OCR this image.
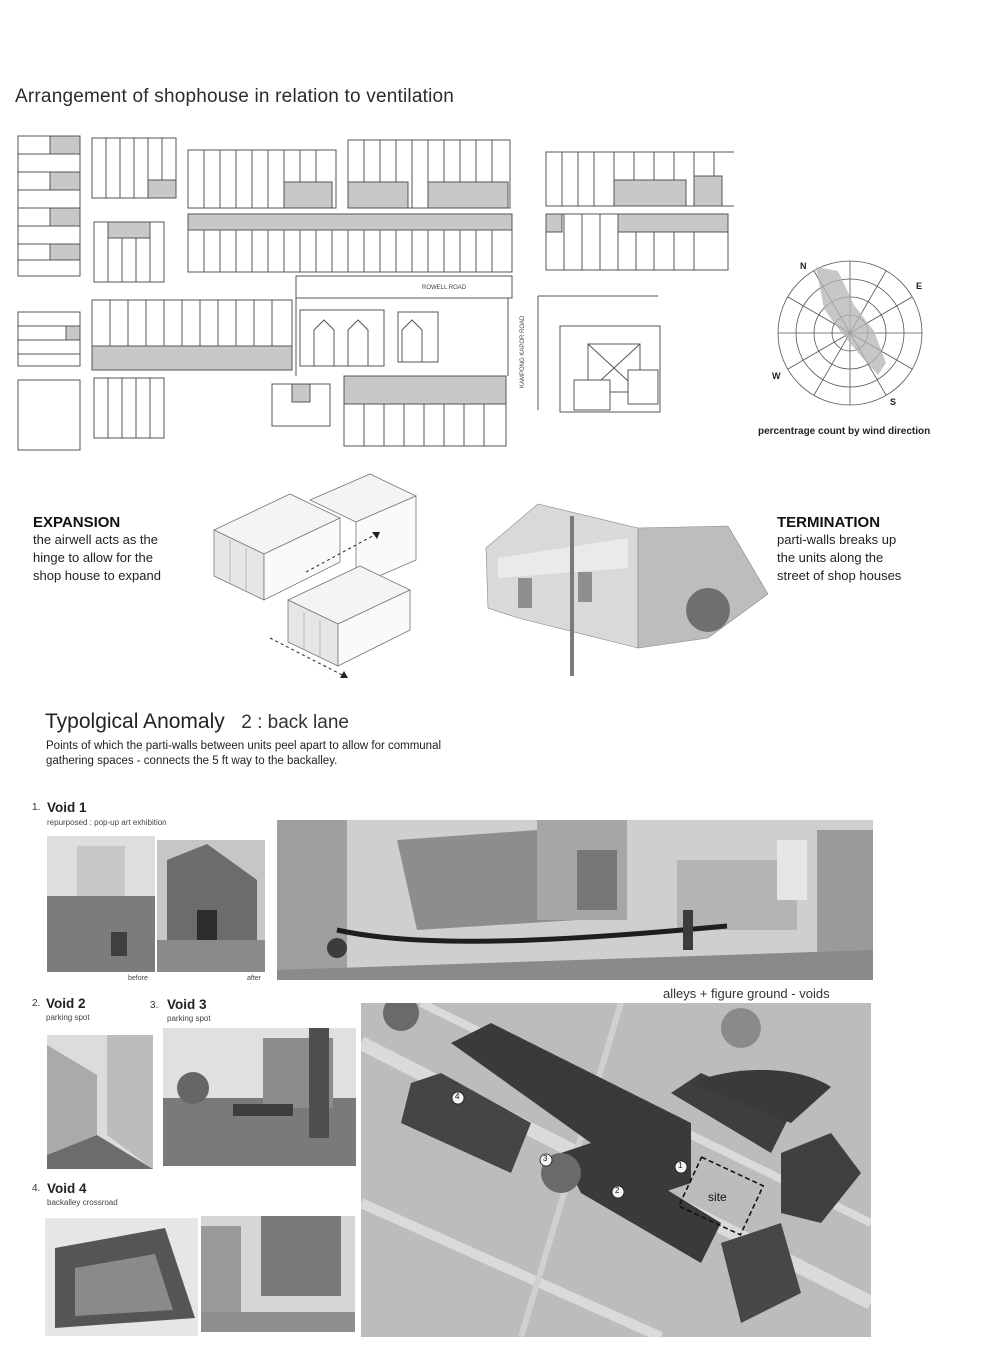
Arrangement of shophouse in relation to ventilation
ROWELL ROAD
KAMPONG KAPOR ROAD
N
E
S
W
percentrage count by wind direction
EXPANSION
the airwell acts as the
hinge to allow for the
shop house to expand
TERMINATION
parti-walls breaks up
the units along the
street of shop houses
Typolgical Anomaly 2 : back lane
Points of which the parti-walls between units peel apart to allow for communal
gathering spaces - connects the 5 ft way to the backalley.
1. Void 1
repurposed : pop-up art exhibition
before	after
alleys + figure ground - voids
2. Void 2
parking spot
3. Void 3
parking spot
4. Void 4
backalley crossroad	site
1
2
3
4
